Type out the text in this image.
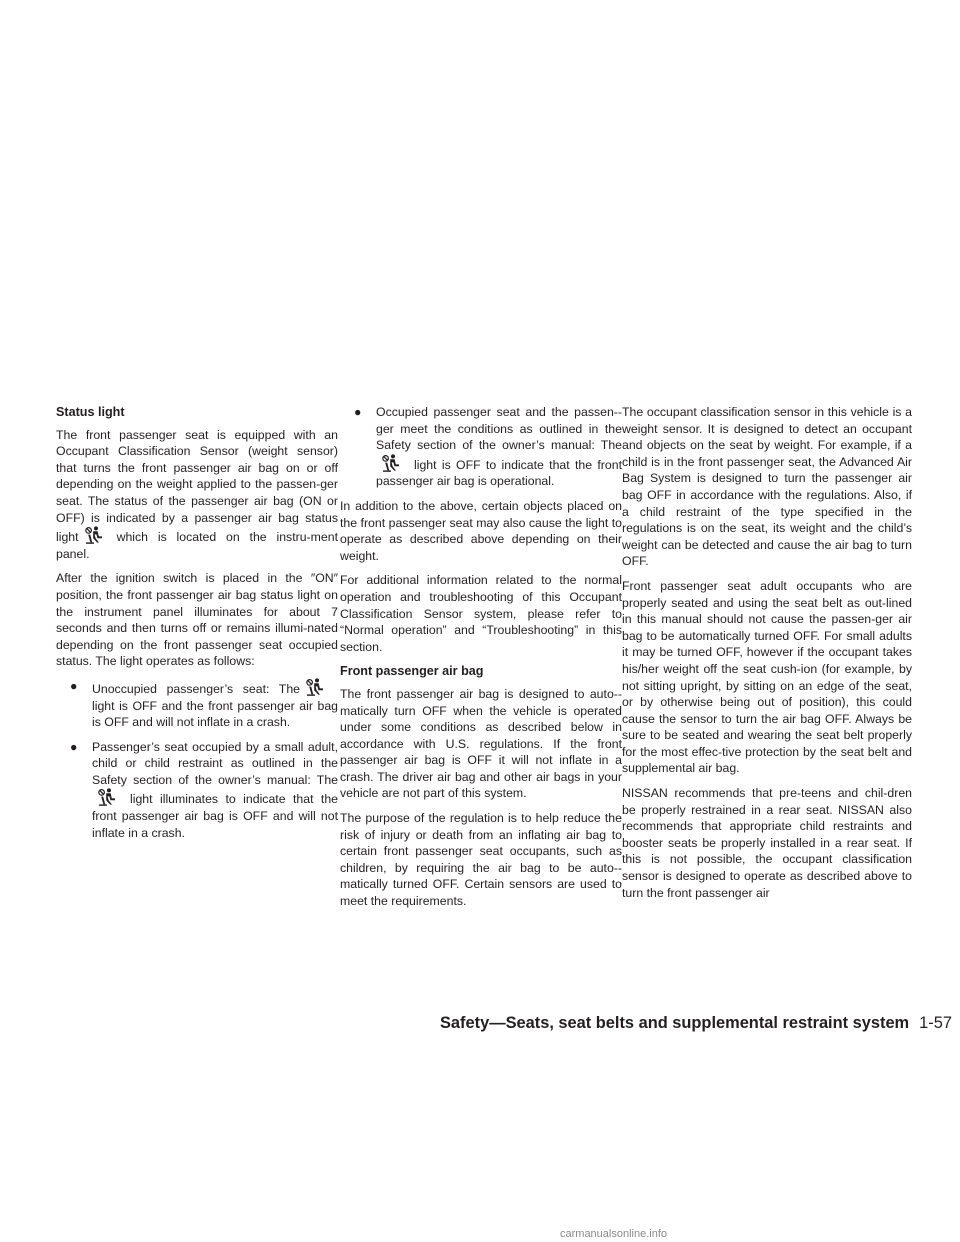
Status light

The front passenger seat is equipped with an Occupant Classification Sensor (weight sensor) that turns the front passenger air bag on or off depending on the weight applied to the passen-ger seat. The status of the passenger air bag (ON or OFF) is indicated by a passenger air bag status light	which is located on the instru-ment panel.

After the ignition switch is placed in the ″ON″ position, the front passenger air bag status light on the instrument panel illuminates for about 7 seconds and then turns off or remains illumi-nated depending on the front passenger seat occupied status. The light operates as follows:

● Unoccupied passenger’s seat: The
light is OFF and the front passenger air bag is OFF and will not inflate in a crash.
● Passenger’s seat occupied by a small adult, child or child restraint as outlined in the Safety section of the owner’s manual: The
light illuminates to indicate that the front passenger air bag is OFF and will not inflate in a crash.
● Occupied passenger seat and the passen-ger meet the conditions as outlined in the Safety section of the owner’s manual: The
light is OFF to indicate that the front passenger air bag is operational.

In addition to the above, certain objects placed on the front passenger seat may also cause the light to operate as described above depending on their weight.

For additional information related to the normal operation and troubleshooting of this Occupant Classification Sensor system, please refer to “Normal operation” and “Troubleshooting” in this section.

Front passenger air bag

The front passenger air bag is designed to auto-matically turn OFF when the vehicle is operated under some conditions as described below in accordance with U.S. regulations. If the front passenger air bag is OFF it will not inflate in a crash. The driver air bag and other air bags in your vehicle are not part of this system.

The purpose of the regulation is to help reduce the risk of injury or death from an inflating air bag to certain front passenger seat occupants, such as children, by requiring the air bag to be auto-matically turned OFF. Certain sensors are used to meet the requirements.

The occupant classification sensor in this vehicle is a weight sensor. It is designed to detect an occupant and objects on the seat by weight. For example, if a child is in the front passenger seat, the Advanced Air Bag System is designed to turn the passenger air bag OFF in accordance with the regulations. Also, if a child restraint of the type specified in the regulations is on the seat, its weight and the child’s weight can be detected and cause the air bag to turn OFF.

Front passenger seat adult occupants who are properly seated and using the seat belt as out-lined in this manual should not cause the passen-ger air bag to be automatically turned OFF. For small adults it may be turned OFF, however if the occupant takes his/her weight off the seat cush-ion (for example, by not sitting upright, by sitting on an edge of the seat, or by otherwise being out of position), this could cause the sensor to turn the air bag OFF. Always be sure to be seated and wearing the seat belt properly for the most effec-tive protection by the seat belt and supplemental air bag.

NISSAN recommends that pre-teens and chil-dren be properly restrained in a rear seat. NISSAN also recommends that appropriate child restraints and booster seats be properly installed in a rear seat. If this is not possible, the occupant classification sensor is designed to operate as described above to turn the front passenger air

Safety—Seats, seat belts and supplemental restraint system 1-57
carmanualsonline.info
